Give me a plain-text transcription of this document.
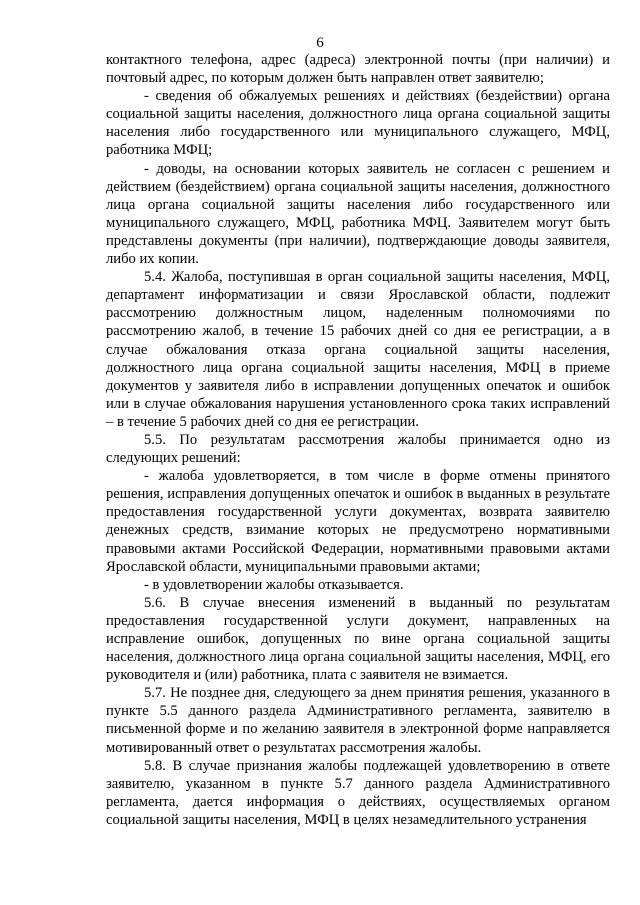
6

контактного телефона, адрес (адреса) электронной почты (при наличии) и почтовый адрес, по которым должен быть направлен ответ заявителю;

- сведения об обжалуемых решениях и действиях (бездействии) органа социальной защиты населения, должностного лица органа социальной защиты населения либо государственного или муниципального служащего, МФЦ, работника МФЦ;

- доводы, на основании которых заявитель не согласен с решением и действием (бездействием) органа социальной защиты населения, должностного лица органа социальной защиты населения либо государственного или муниципального служащего, МФЦ, работника МФЦ. Заявителем могут быть представлены документы (при наличии), подтверждающие доводы заявителя, либо их копии.

5.4. Жалоба, поступившая в орган социальной защиты населения, МФЦ, департамент информатизации и связи Ярославской области, подлежит рассмотрению должностным лицом, наделенным полномочиями по рассмотрению жалоб, в течение 15 рабочих дней со дня ее регистрации, а в случае обжалования отказа органа социальной защиты населения, должностного лица органа социальной защиты населения, МФЦ в приеме документов у заявителя либо в исправлении допущенных опечаток и ошибок или в случае обжалования нарушения установленного срока таких исправлений – в течение 5 рабочих дней со дня ее регистрации.

5.5. По результатам рассмотрения жалобы принимается одно из следующих решений:

- жалоба удовлетворяется, в том числе в форме отмены принятого решения, исправления допущенных опечаток и ошибок в выданных в результате предоставления государственной услуги документах, возврата заявителю денежных средств, взимание которых не предусмотрено нормативными правовыми актами Российской Федерации, нормативными правовыми актами Ярославской области, муниципальными правовыми актами;

- в удовлетворении жалобы отказывается.

5.6. В случае внесения изменений в выданный по результатам предоставления государственной услуги документ, направленных на исправление ошибок, допущенных по вине органа социальной защиты населения, должностного лица органа социальной защиты населения, МФЦ, его руководителя и (или) работника, плата с заявителя не взимается.

5.7. Не позднее дня, следующего за днем принятия решения, указанного в пункте 5.5 данного раздела Административного регламента, заявителю в письменной форме и по желанию заявителя в электронной форме направляется мотивированный ответ о результатах рассмотрения жалобы.

5.8. В случае признания жалобы подлежащей удовлетворению в ответе заявителю, указанном в пункте 5.7 данного раздела Административного регламента, дается информация о действиях, осуществляемых органом социальной защиты населения, МФЦ в целях незамедлительного устранения
